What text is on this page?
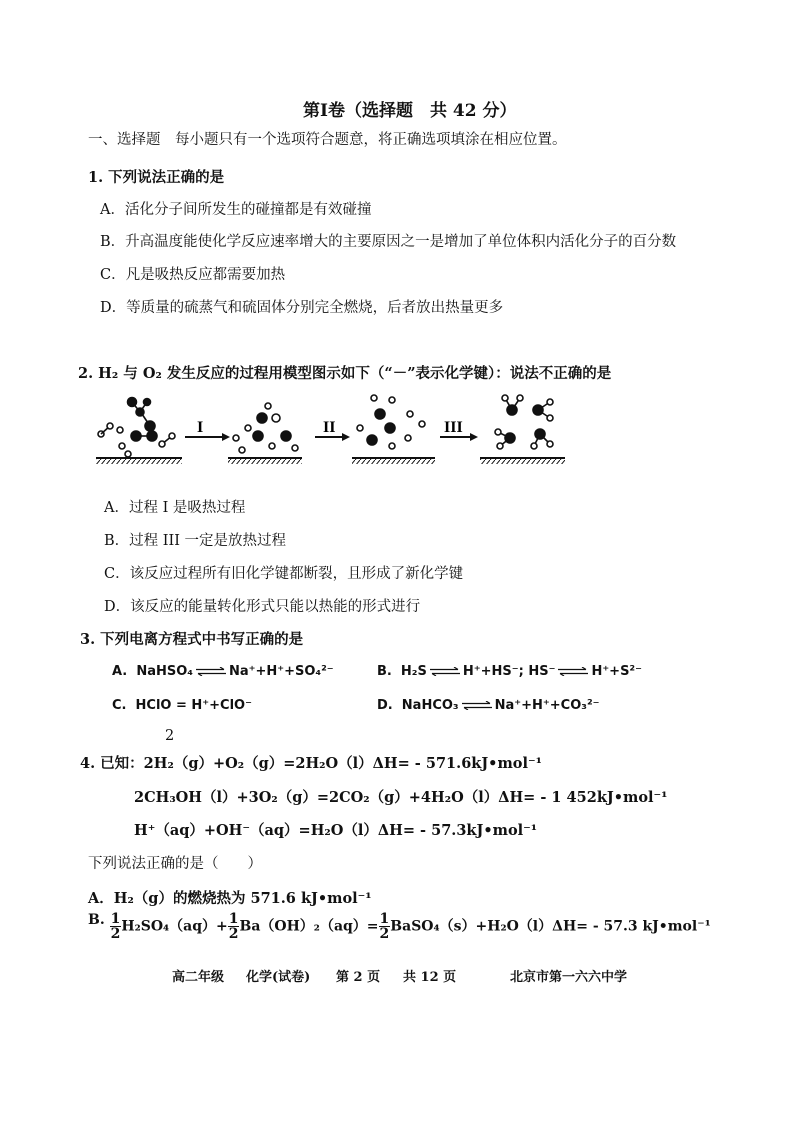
第Ⅰ卷（选择题　共 42 分）
一、选择题　每小题只有一个选项符合题意，将正确选项填涂在相应位置。
1. 下列说法正确的是
A．活化分子间所发生的碰撞都是有效碰撞
B．升高温度能使化学反应速率增大的主要原因之一是增加了单位体积内活化分子的百分数
C．凡是吸热反应都需要加热
D．等质量的硫蒸气和硫固体分别完全燃烧，后者放出热量更多
2. H₂ 与 O₂ 发生反应的过程用模型图示如下（“－”表示化学键）：说法不正确的是
I	II	III
A．过程 I 是吸热过程
B．过程 III 一定是放热过程
C．该反应过程所有旧化学键都断裂，且形成了新化学键
D．该反应的能量转化形式只能以热能的形式进行
3. 下列电离方程式中书写正确的是
A. NaHSO₄ ⇌ Na⁺+H⁺+SO₄²⁻	B. H₂S ⇌ H⁺+HS⁻; HS⁻ ⇌ H⁺+S²⁻
C. HClO = H⁺+ClO⁻	D. NaHCO₃ ⇌ Na⁺+H⁺+CO₃²⁻
2
4. 已知：2H₂（g）+O₂（g）=2H₂O（l）ΔH= - 571.6kJ•mol⁻¹
2CH₃OH（l）+3O₂（g）=2CO₂（g）+4H₂O（l）ΔH= - 1 452kJ•mol⁻¹
H⁺（aq）+OH⁻（aq）=H₂O（l）ΔH= - 57.3kJ•mol⁻¹
下列说法正确的是（　　）
A．H₂（g）的燃烧热为 571.6 kJ•mol⁻¹
B. $\frac{1}{2} H_2SO_4(aq)+ \frac{1}{2} Ba(OH)_2(aq)= \frac{1}{2}$ BaSO₄（s）+H₂O（l）ΔH= - 57.3 kJ•mol⁻¹
高二年级 化学(试卷) 第 2 页 共 12 页	北京市第一六六中学
